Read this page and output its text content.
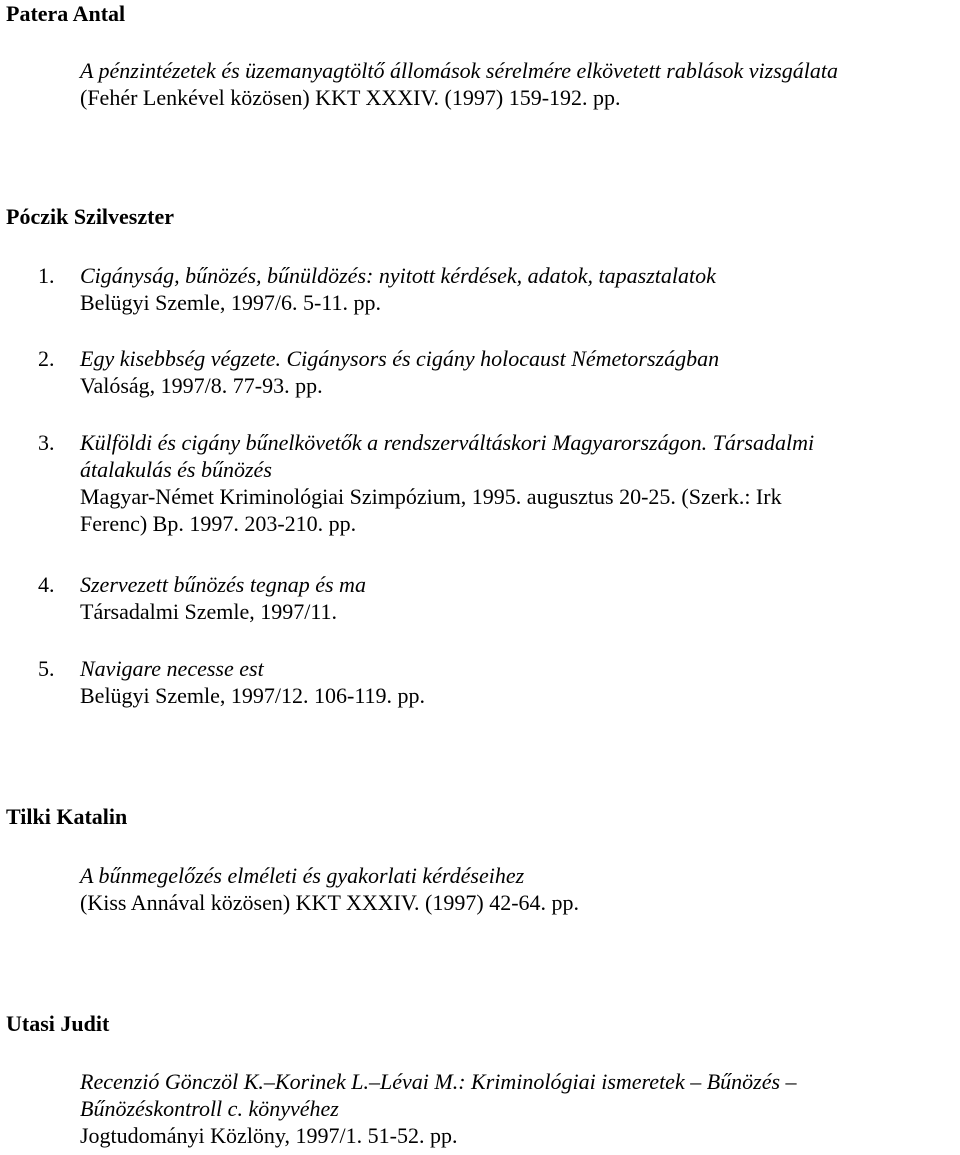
Patera Antal
A pénzintézetek és üzemanyagtöltő állomások sérelmére elkövetett rablások vizsgálata
(Fehér Lenkével közösen) KKT XXXIV. (1997) 159-192. pp.
Póczik Szilveszter
1.	Cigányság, bűnözés, bűnüldözés: nyitott kérdések, adatok, tapasztalatok
Belügyi Szemle, 1997/6. 5-11. pp.
2.	Egy kisebbség végzete. Cigánysors és cigány holocaust Németországban
Valóság, 1997/8. 77-93. pp.
3.	Külföldi és cigány bűnelkövetők a rendszerváltáskori Magyarországon. Társadalmi
átalakulás és bűnözés
Magyar-Német Kriminológiai Szimpózium, 1995. augusztus 20-25. (Szerk.: Irk
Ferenc) Bp. 1997. 203-210. pp.
4.	Szervezett bűnözés tegnap és ma
Társadalmi Szemle, 1997/11.
5.	Navigare necesse est
Belügyi Szemle, 1997/12. 106-119. pp.
Tilki Katalin
A bűnmegelőzés elméleti és gyakorlati kérdéseihez
(Kiss Annával közösen) KKT XXXIV. (1997) 42-64. pp.
Utasi Judit
Recenzió Gönczöl K.–Korinek L.–Lévai M.: Kriminológiai ismeretek – Bűnözés –
Bűnözéskontroll c. könyvéhez
Jogtudományi Közlöny, 1997/1. 51-52. pp.
